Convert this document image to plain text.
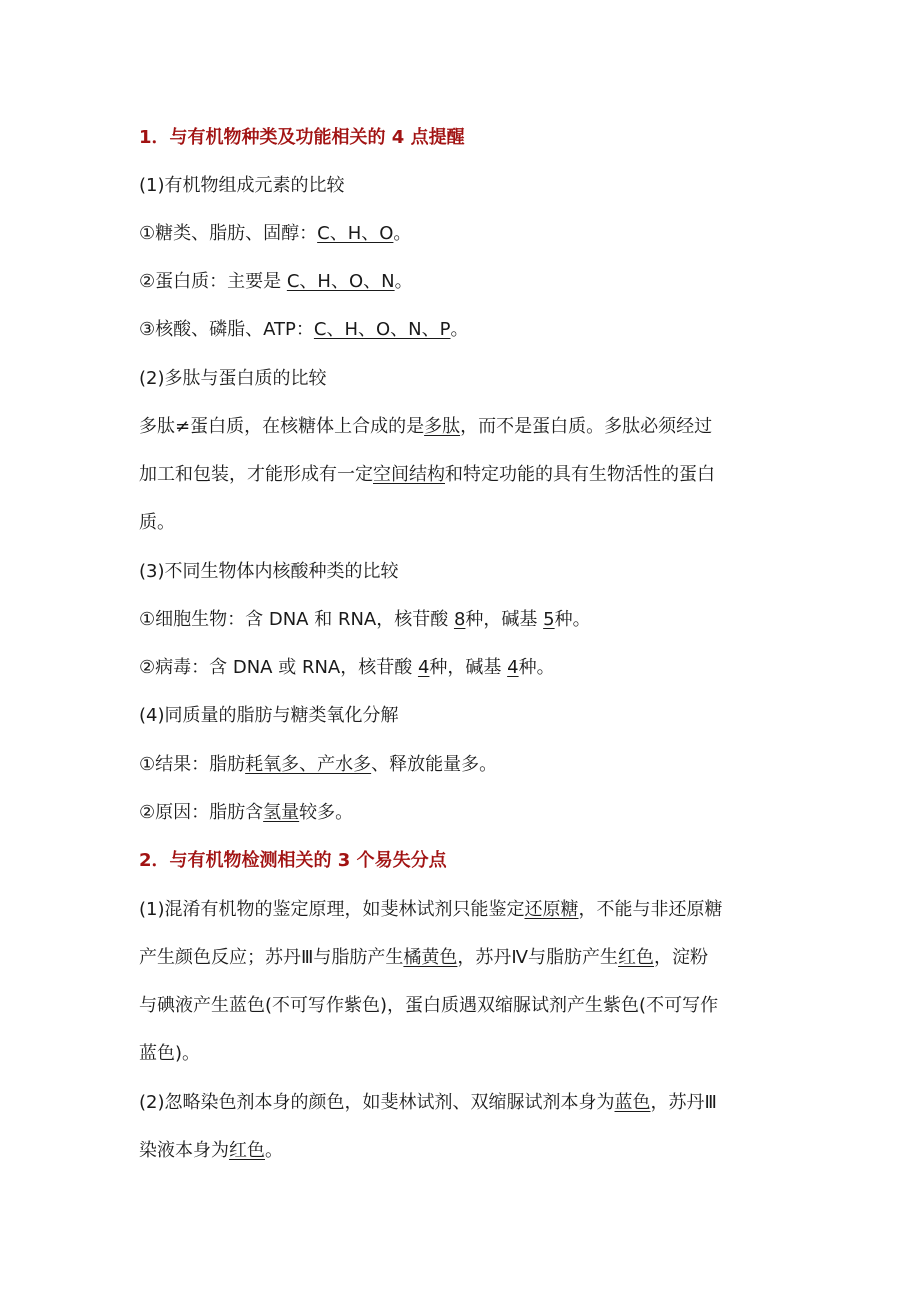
1．与有机物种类及功能相关的 4 点提醒
(1)有机物组成元素的比较
①糖类、脂肪、固醇：C、H、O。
②蛋白质：主要是 C、H、O、N。
③核酸、磷脂、ATP：C、H、O、N、P。
(2)多肽与蛋白质的比较
多肽≠蛋白质，在核糖体上合成的是多肽，而不是蛋白质。多肽必须经过
加工和包装，才能形成有一定空间结构和特定功能的具有生物活性的蛋白
质。
(3)不同生物体内核酸种类的比较
①细胞生物：含 DNA 和 RNA，核苷酸 8种，碱基 5种。
②病毒：含 DNA 或 RNA，核苷酸 4种，碱基 4种。
(4)同质量的脂肪与糖类氧化分解
①结果：脂肪耗氧多、产水多、释放能量多。
②原因：脂肪含氢量较多。
2．与有机物检测相关的 3 个易失分点
(1)混淆有机物的鉴定原理，如斐林试剂只能鉴定还原糖，不能与非还原糖
产生颜色反应；苏丹Ⅲ与脂肪产生橘黄色，苏丹Ⅳ与脂肪产生红色，淀粉
与碘液产生蓝色(不可写作紫色)，蛋白质遇双缩脲试剂产生紫色(不可写作
蓝色)。
(2)忽略染色剂本身的颜色，如斐林试剂、双缩脲试剂本身为蓝色，苏丹Ⅲ
染液本身为红色。
